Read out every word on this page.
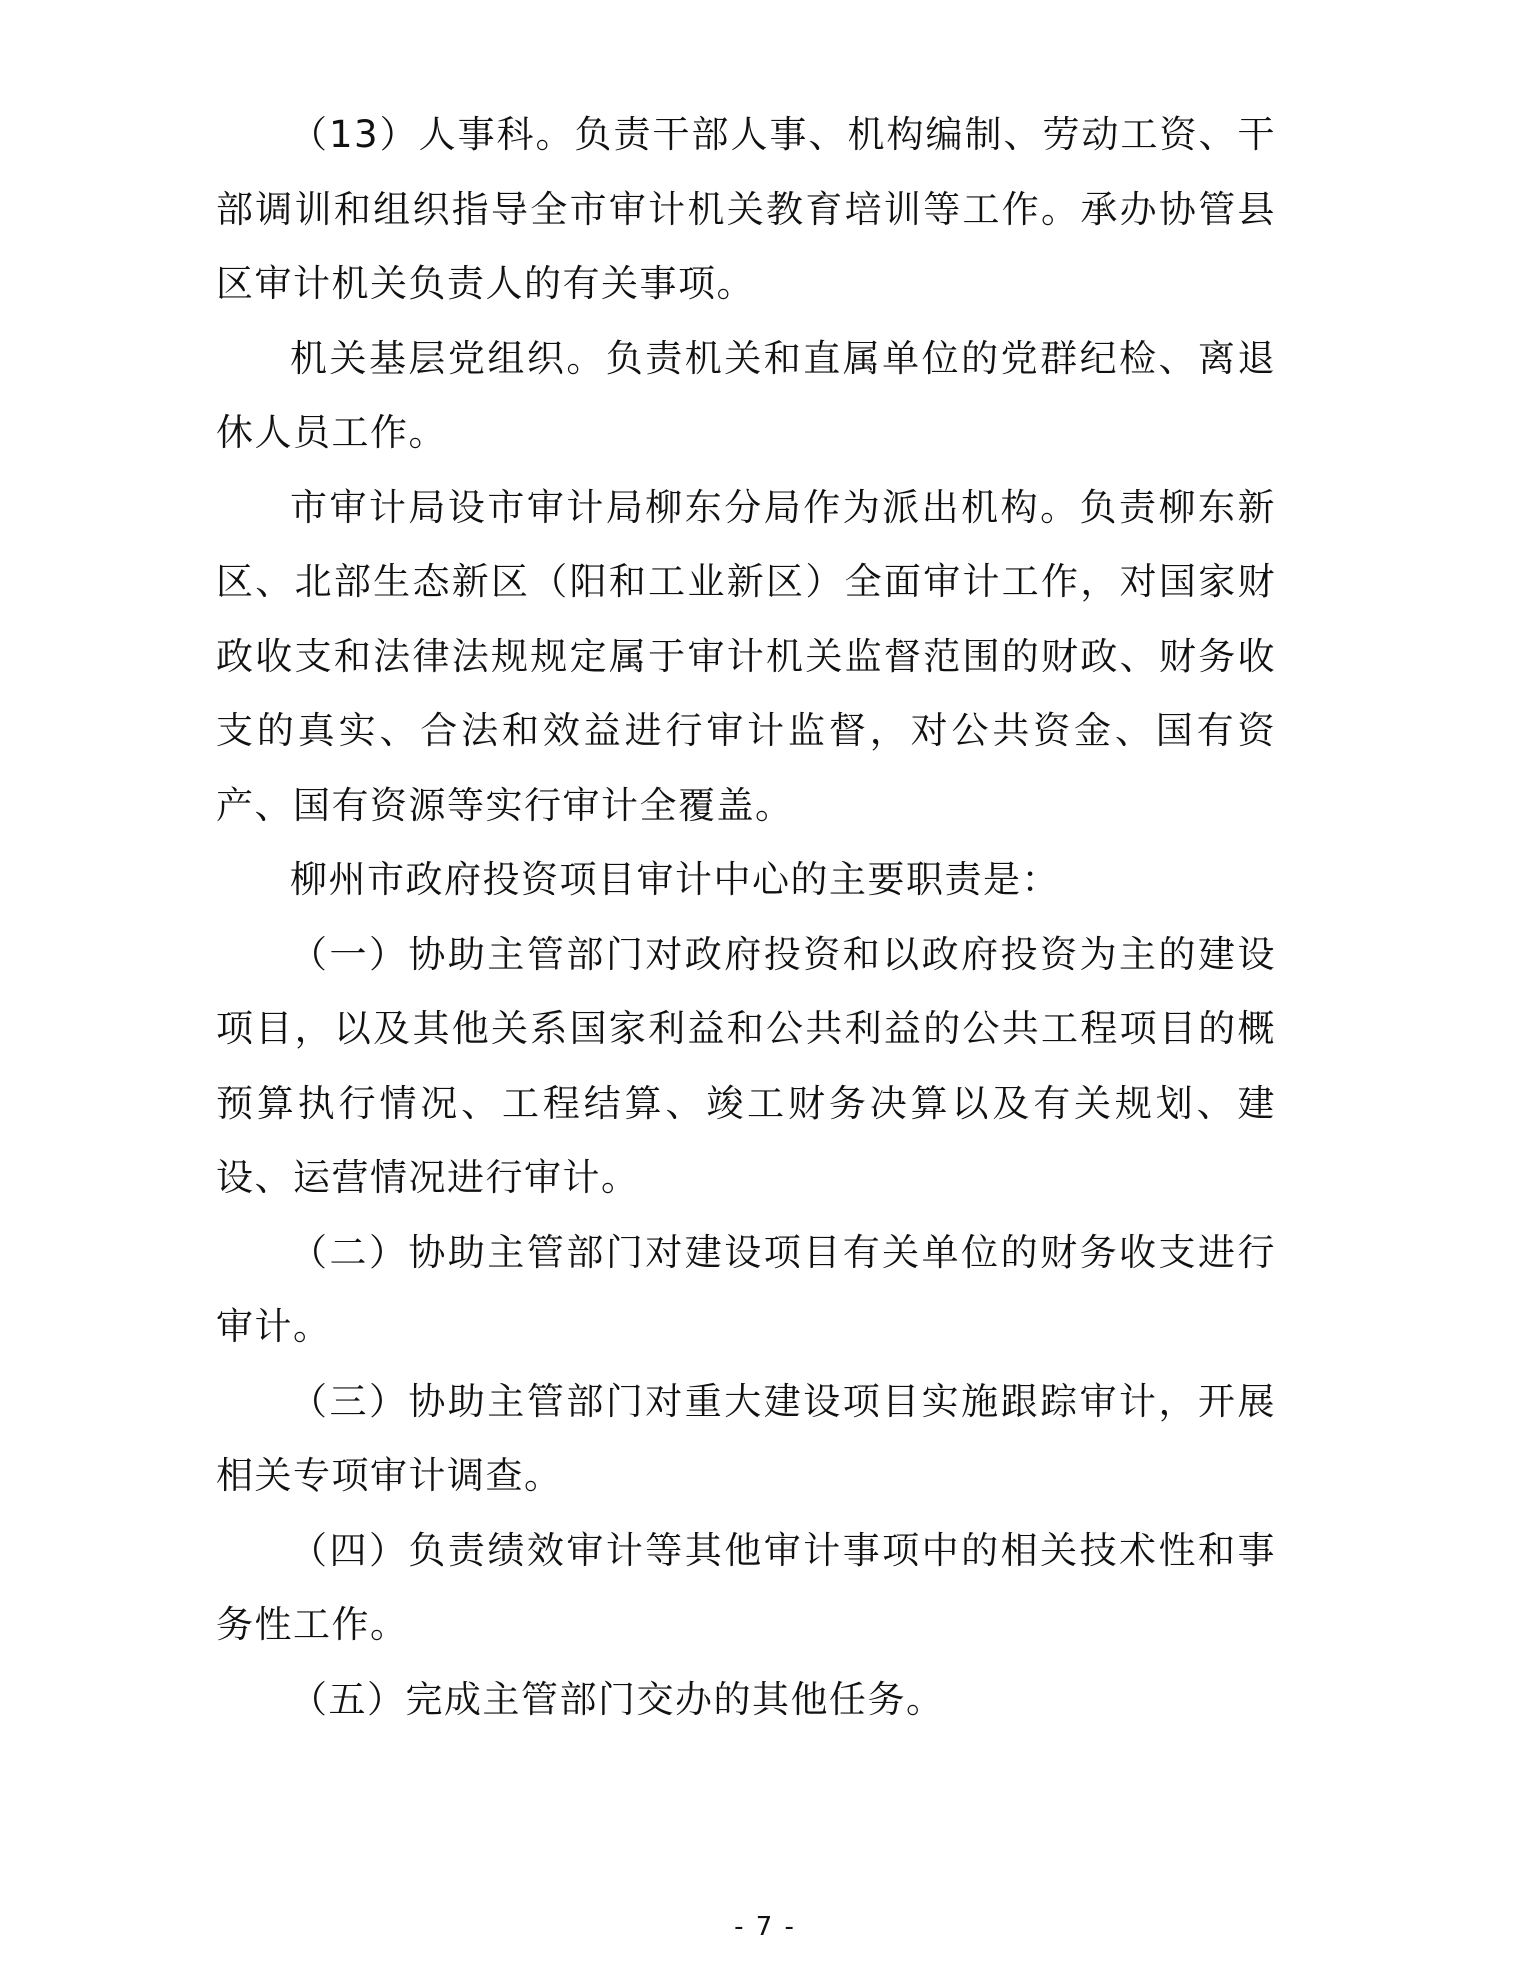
（13）人事科。负责干部人事、机构编制、劳动工资、干部调训和组织指导全市审计机关教育培训等工作。承办协管县区审计机关负责人的有关事项。

机关基层党组织。负责机关和直属单位的党群纪检、离退休人员工作。

市审计局设市审计局柳东分局作为派出机构。负责柳东新区、北部生态新区（阳和工业新区）全面审计工作，对国家财政收支和法律法规规定属于审计机关监督范围的财政、财务收支的真实、合法和效益进行审计监督，对公共资金、国有资产、国有资源等实行审计全覆盖。

柳州市政府投资项目审计中心的主要职责是：

（一）协助主管部门对政府投资和以政府投资为主的建设项目，以及其他关系国家利益和公共利益的公共工程项目的概预算执行情况、工程结算、竣工财务决算以及有关规划、建设、运营情况进行审计。

（二）协助主管部门对建设项目有关单位的财务收支进行审计。

（三）协助主管部门对重大建设项目实施跟踪审计，开展相关专项审计调查。

（四）负责绩效审计等其他审计事项中的相关技术性和事务性工作。

（五）完成主管部门交办的其他任务。

- 7 -
